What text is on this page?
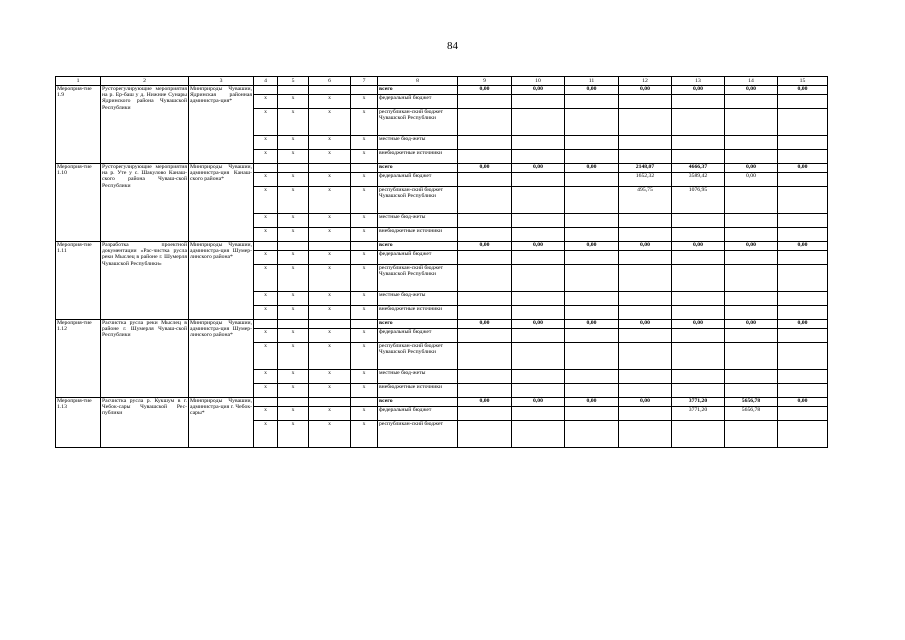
84
1	2	3	4	5	6	7	8	9	10	11	12	13	14	15
Мероприя-тие 1.9	Русторегулирующие мероприятия на р. Ер-баш у д. Нижние Сунары Ядринского района Чувашской Республики	Минприроды Чувашии, Ядринская районная администра-ция*					всего	0,00	0,00	0,00	0,00	0,00	0,00	0,00
			x	x	x	x	федеральный бюджет							
			x	x	x	x	республикан-ский бюджет Чувашской Республики							
			x	x	x	x	местные бюд-жеты							
			x	x	x	x	внебюджетные источники							
Мероприя-тие 1.10	Русторегулирующие мероприятия на р. Уте у с. Шакулово Канаш-ского района Чуваш-ской Республики	Минприроды Чувашии, администра-ция Канаш-ского района*					всего	0,00	0,00	0,00	2148,07	4666,37	0,00	0,00
			x	x	x	x	федеральный бюджет				1652,32	3589,42	0,00	
			x	x	x	x	республикан-ский бюджет Чувашской Республики				495,75	1076,95		
			x	x	x	x	местные бюд-жеты							
			x	x	x	x	внебюджетные источники							
Мероприя-тие 1.11	Разработка проектной документации «Рас-чистка русла реки Мыслец в районе г. Шумерля Чувашской Республики»	Минприроды Чувашии, администра-ция Шумер-линского района*					всего	0,00	0,00	0,00	0,00	0,00	0,00	0,00
			x	x	x	x	федеральный бюджет							
			x	x	x	x	республикан-ский бюджет Чувашской Республики							
			x	x	x	x	местные бюд-жеты							
			x	x	x	x	внебюджетные источники							
Мероприя-тие 1.12	Расчистка русла реки Мыслец в районе г. Шумерля Чуваш-ской Республики	Минприроды Чувашии, администра-ция Шумер-линского района*					всего	0,00	0,00	0,00	0,00	0,00	0,00	0,00
			x	x	x	x	федеральный бюджет							
			x	x	x	x	республикан-ский бюджет Чувашской Республики							
			x	x	x	x	местные бюд-жеты							
			x	x	x	x	внебюджетные источники							
Мероприя-тие 1.13	Расчистка русла р. Кукшум в г. Чебок-сары Чувашской Рес-публики	Минприроды Чувашии, администра-ция г. Чебок-сары*					всего	0,00	0,00	0,00	0,00	3771,20	5656,78	0,00
			x	x	x	x	федеральный бюджет					3771,20	5656,78	
			x	x	x	x	республикан-ский бюджет							
